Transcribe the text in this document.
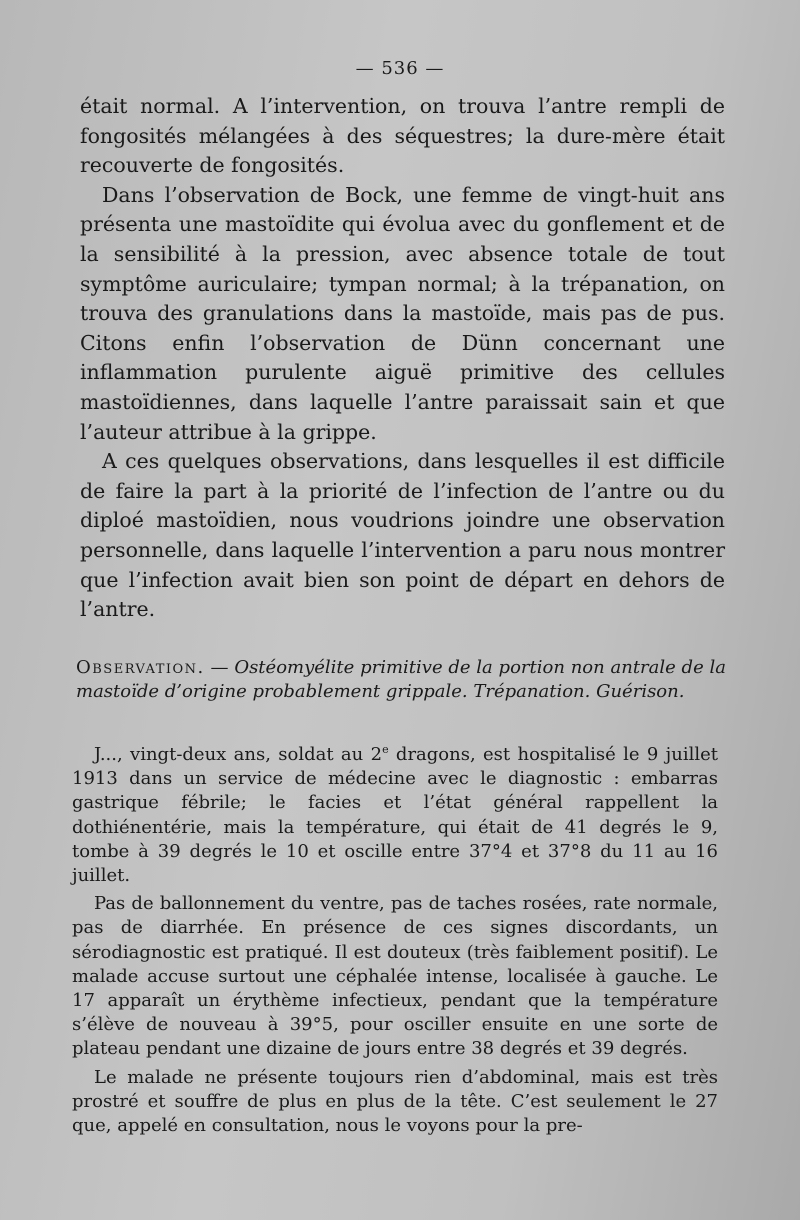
— 536 —

était normal. A l’intervention, on trouva l’antre rempli de fongosités mélangées à des séquestres; la dure-mère était recouverte de fongosités.

Dans l’observation de Bock, une femme de vingt-huit ans présenta une mastoïdite qui évolua avec du gonflement et de la sensibilité à la pression, avec absence totale de tout symptôme auriculaire; tympan normal; à la trépanation, on trouva des granulations dans la mastoïde, mais pas de pus. Citons enfin l’observation de Dünn concernant une inflammation purulente aiguë primitive des cellules mastoïdiennes, dans laquelle l’antre paraissait sain et que l’auteur attribue à la grippe.

A ces quelques observations, dans lesquelles il est difficile de faire la part à la priorité de l’infection de l’antre ou du diploé mastoïdien, nous voudrions joindre une observation personnelle, dans laquelle l’intervention a paru nous montrer que l’infection avait bien son point de départ en dehors de l’antre.

Observation. — Ostéomyélite primitive de la portion non antrale de la mastoïde d’origine probablement grippale. Trépanation. Guérison.

J..., vingt-deux ans, soldat au 2e dragons, est hospitalisé le 9 juillet 1913 dans un service de médecine avec le diagnostic : embarras gastrique fébrile; le facies et l’état général rappellent la dothiénentérie, mais la température, qui était de 41 degrés le 9, tombe à 39 degrés le 10 et oscille entre 37°4 et 37°8 du 11 au 16 juillet.

Pas de ballonnement du ventre, pas de taches rosées, rate normale, pas de diarrhée. En présence de ces signes discordants, un sérodiagnostic est pratiqué. Il est douteux (très faiblement positif). Le malade accuse surtout une céphalée intense, localisée à gauche. Le 17 apparaît un érythème infectieux, pendant que la température s’élève de nouveau à 39°5, pour osciller ensuite en une sorte de plateau pendant une dizaine de jours entre 38 degrés et 39 degrés.

Le malade ne présente toujours rien d’abdominal, mais est très prostré et souffre de plus en plus de la tête. C’est seulement le 27 que, appelé en consultation, nous le voyons pour la pre-
